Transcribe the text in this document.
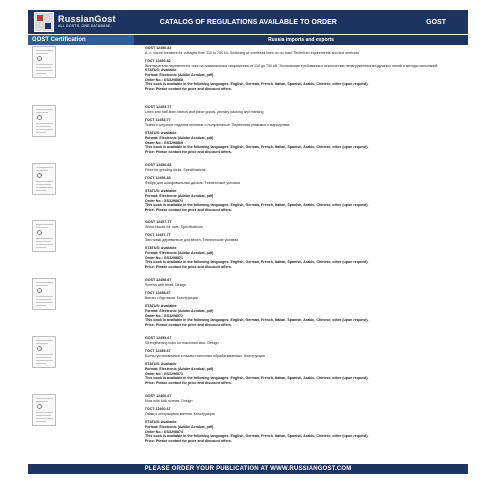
RussianGost
ALL GOSTS. ONE DATABASE.
CATALOG OF REGULATIONS AVAILABLE TO ORDER	GOST
GOST Certification	Russia imports and exports
GOST 12450-82
A. c. circuit breakers for voltages from 110 to 750 kV. Switching of overhead lines on no-load. Technical requirements and test methods
ГОСТ 12450-82
Выключатели переменного тока на номинальные напряжения от 110 до 750 кВ. Технические требования к отключению ненагруженных воздушных линий и методы испытаний
STATUS: Available
Format: Electronic (Adobe Acrobat, pdf)
Order No.: GS3298868
This book is available in the following languages: English, German, French, Italian, Spanish, Arabic, Chinese, other (upon request).
Price: Please contact for price and discount offers.
GOST 12453-77
Linen and half-linen fabrics and piece goods, primary packing and marking
ГОСТ 12453-77
Ткани и штучные изделия льняные и полульняные. Первичная упаковка и маркировка
STATUS: Available
Format: Electronic (Adobe Acrobat, pdf)
Order No.: GS3298869
This book is available in the following languages: English, German, French, Italian, Spanish, Arabic, Chinese, other (upon request).
Price: Please contact for price and discount offers.
GOST 12456-83
Fibre for grinding disks. Specifications
ГОСТ 12456-83
Фибра для шлифовальных дисков. Технические условия
STATUS: Available
Format: Electronic (Adobe Acrobat, pdf)
Order No.: GS3298870
This book is available in the following languages: English, German, French, Italian, Spanish, Arabic, Chinese, other (upon request).
Price: Please contact for price and discount offers.
GOST 12457-77
Wood blocks for oars. Specifications
ГОСТ 12457-77
Заготовки деревянные для весел. Технические условия
STATUS: Available
Format: Electronic (Adobe Acrobat, pdf)
Order No.: GS3298871
This book is available in the following languages: English, German, French, Italian, Spanish, Arabic, Chinese, other (upon request).
Price: Please contact for price and discount offers.
GOST 12458-67
Screws with bead. Design
ГОСТ 12458-67
Винты с буртиком. Конструкция
STATUS: Available
Format: Electronic (Adobe Acrobat, pdf)
Order No.: GS3298872
This book is available in the following languages: English, German, French, Italian, Spanish, Arabic, Chinese, other (upon request).
Price: Please contact for price and discount offers.
GOST 12459-67
Strengthening bolts for machined stoc. Design
ГОСТ 12459-67
Болты установочные к пазам станочных обрабатываемых. Конструкция
STATUS: Available
Format: Electronic (Adobe Acrobat, pdf)
Order No.: GS3298873
This book is available in the following languages: English, German, French, Italian, Spanish, Arabic, Chinese, other (upon request).
Price: Please contact for price and discount offers.
GOST 12460-67
Nuts with lock screws. Design
ГОСТ 12460-67
Гайки с контрящими винтом. Конструкция
STATUS: Available
Format: Electronic (Adobe Acrobat, pdf)
Order No.: GS3298874
This book is available in the following languages: English, German, French, Italian, Spanish, Arabic, Chinese, other (upon request).
Price: Please contact for price and discount offers.
PLEASE ORDER YOUR PUBLICATION AT WWW.RUSSIANGOST.COM
